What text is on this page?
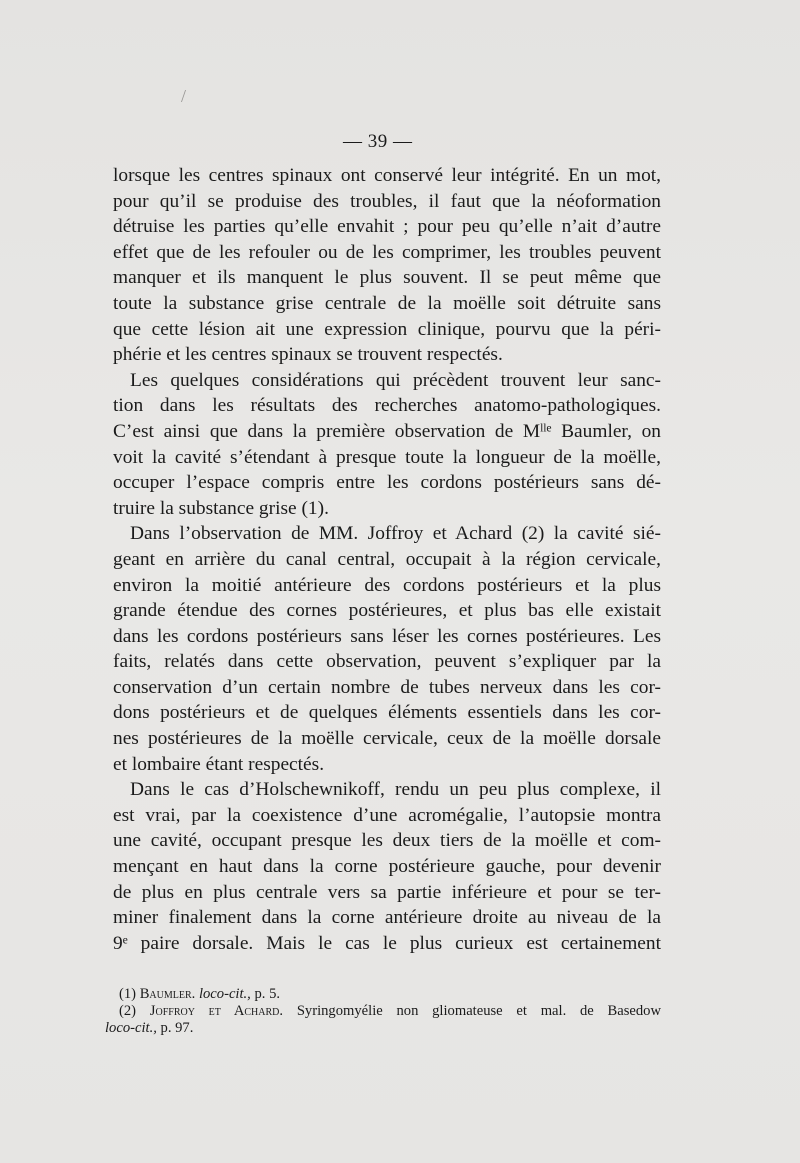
/
— 39 —
lorsque les centres spinaux ont conservé leur intégrité. En un mot,
pour qu’il se produise des troubles, il faut que la néoformation
détruise les parties qu’elle envahit ; pour peu qu’elle n’ait d’autre
effet que de les refouler ou de les comprimer, les troubles peuvent
manquer et ils manquent le plus souvent. Il se peut même que
toute la substance grise centrale de la moëlle soit détruite sans
que cette lésion ait une expression clinique, pourvu que la péri-
phérie et les centres spinaux se trouvent respectés.
Les quelques considérations qui précèdent trouvent leur sanc-
tion dans les résultats des recherches anatomo-pathologiques.
C’est ainsi que dans la première observation de Mˡˡᵉ Baumler, on
voit la cavité s’étendant à presque toute la longueur de la moëlle,
occuper l’espace compris entre les cordons postérieurs sans dé-
truire la substance grise (1).
Dans l’observation de MM. Joffroy et Achard (2) la cavité sié-
geant en arrière du canal central, occupait à la région cervicale,
environ la moitié antérieure des cordons postérieurs et la plus
grande étendue des cornes postérieures, et plus bas elle existait
dans les cordons postérieurs sans léser les cornes postérieures. Les
faits, relatés dans cette observation, peuvent s’expliquer par la
conservation d’un certain nombre de tubes nerveux dans les cor-
dons postérieurs et de quelques éléments essentiels dans les cor-
nes postérieures de la moëlle cervicale, ceux de la moëlle dorsale
et lombaire étant respectés.
Dans le cas d’Holschewnikoff, rendu un peu plus complexe, il
est vrai, par la coexistence d’une acromégalie, l’autopsie montra
une cavité, occupant presque les deux tiers de la moëlle et com-
mençant en haut dans la corne postérieure gauche, pour devenir
de plus en plus centrale vers sa partie inférieure et pour se ter-
miner finalement dans la corne antérieure droite au niveau de la
9ᵉ paire dorsale. Mais le cas le plus curieux est certainement
(1) Baumler. loco-cit., p. 5.
(2) Joffroy et Achard. Syringomyélie non gliomateuse et mal. de Basedow
loco-cit., p. 97.
